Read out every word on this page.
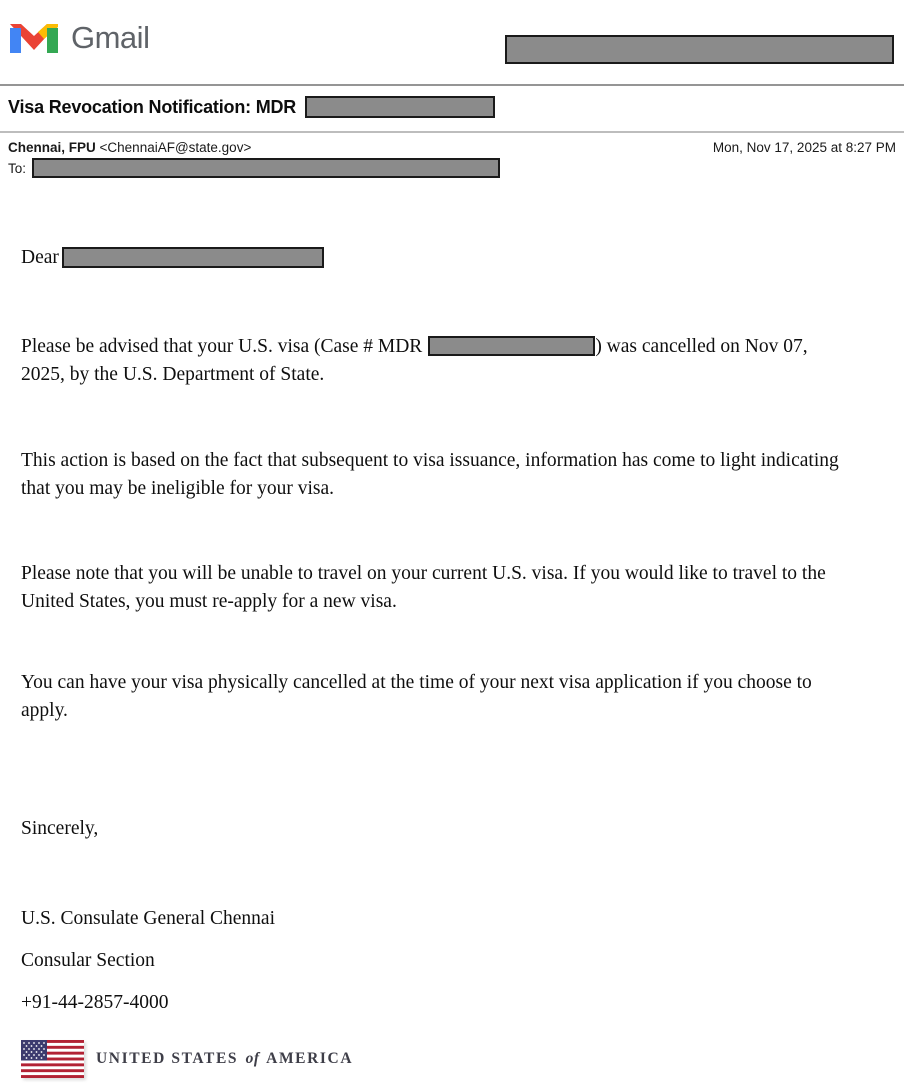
Gmail
Visa Revocation Notification: MDR
Chennai, FPU <ChennaiAF@state.gov>	Mon, Nov 17, 2025 at 8:27 PM
To:
Dear

Please be advised that your U.S. visa (Case # MDR	) was cancelled on Nov 07, 2025, by the U.S. Department of State.

This action is based on the fact that subsequent to visa issuance, information has come to light indicating that you may be ineligible for your visa.

Please note that you will be unable to travel on your current U.S. visa. If you would like to travel to the United States, you must re-apply for a new visa.

You can have your visa physically cancelled at the time of your next visa application if you choose to apply.

Sincerely,

U.S. Consulate General Chennai

Consular Section

+91-44-2857-4000

UNITED STATES of AMERICA
